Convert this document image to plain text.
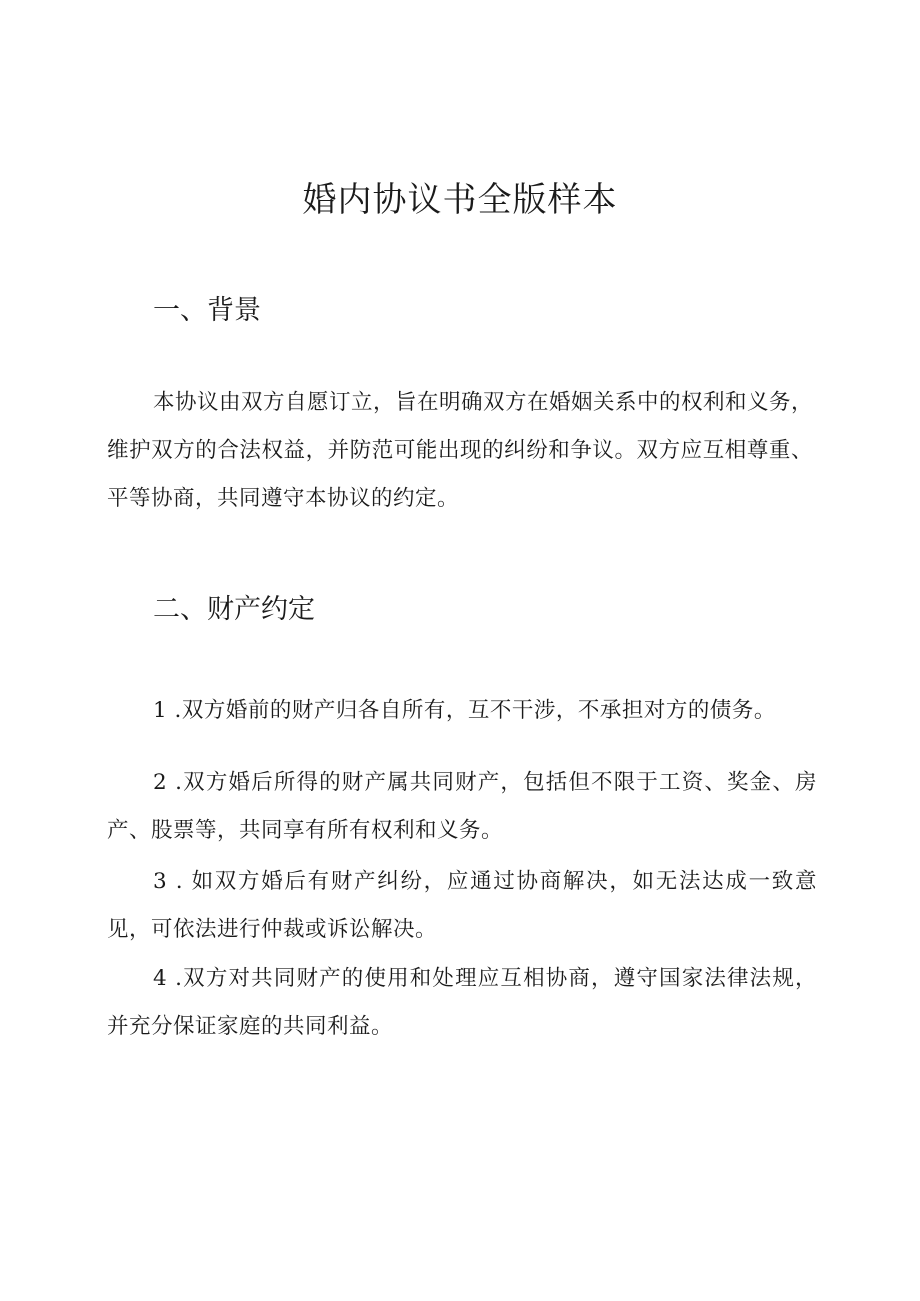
婚内协议书全版样本
一、背景

本协议由双方自愿订立，旨在明确双方在婚姻关系中的权利和义务，维护双方的合法权益，并防范可能出现的纠纷和争议。双方应互相尊重、平等协商，共同遵守本协议的约定。

二、财产约定

1 .双方婚前的财产归各自所有，互不干涉，不承担对方的债务。

2 .双方婚后所得的财产属共同财产，包括但不限于工资、奖金、房产、股票等，共同享有所有权利和义务。

3 . 如双方婚后有财产纠纷，应通过协商解决，如无法达成一致意见，可依法进行仲裁或诉讼解决。

4 .双方对共同财产的使用和处理应互相协商，遵守国家法律法规，并充分保证家庭的共同利益。
